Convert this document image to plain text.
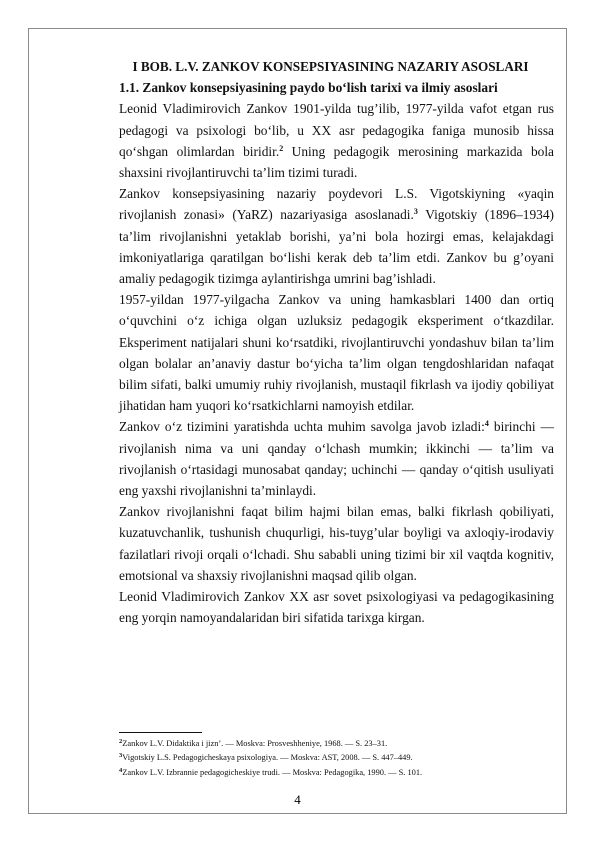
I BOB. L.V. ZANKOV KONSEPSIYASINING NAZARIY ASOSLARI

1.1. Zankov konsepsiyasining paydo bo‘lish tarixi va ilmiy asoslari

Leonid Vladimirovich Zankov 1901-yilda tug’ilib, 1977-yilda vafot etgan rus pedagogi va psixologi bo‘lib, u XX asr pedagogika faniga munosib hissa qo‘shgan olimlardan biridir.$^2$ Uning pedagogik merosining markazida bola shaxsini rivojlantiruvchi ta’lim tizimi turadi.

Zankov konsepsiyasining nazariy poydevori L.S. Vigotskiyning «yaqin rivojlanish zonasi» (YaRZ) nazariyasiga asoslanadi.$^3$ Vigotskiy (1896–1934) ta’lim rivojlanishni yetaklab borishi, ya’ni bola hozirgi emas, kelajakdagi imkoniyatlariga qaratilgan bo‘lishi kerak deb ta’lim etdi. Zankov bu g’oyani amaliy pedagogik tizimga aylantirishga umrini bag’ishladi.

1957-yildan 1977-yilgacha Zankov va uning hamkasblari 1400 dan ortiq o‘quvchini o‘z ichiga olgan uzluksiz pedagogik eksperiment o‘tkazdilar. Eksperiment natijalari shuni ko‘rsatdiki, rivojlantiruvchi yondashuv bilan ta’lim olgan bolalar an’anaviy dastur bo‘yicha ta’lim olgan tengdoshlaridan nafaqat bilim sifati, balki umumiy ruhiy rivojlanish, mustaqil fikrlash va ijodiy qobiliyat jihatidan ham yuqori ko‘rsatkichlarni namoyish etdilar.

Zankov o‘z tizimini yaratishda uchta muhim savolga javob izladi:$^4$ birinchi — rivojlanish nima va uni qanday o‘lchash mumkin; ikkinchi — ta’lim va rivojlanish o‘rtasidagi munosabat qanday; uchinchi — qanday o‘qitish usuliyati eng yaxshi rivojlanishni ta’minlaydi.

Zankov rivojlanishni faqat bilim hajmi bilan emas, balki fikrlash qobiliyati, kuzatuvchanlik, tushunish chuqurligi, his-tuyg’ular boyligi va axloqiy-irodaviy fazilatlari rivoji orqali o‘lchadi. Shu sababli uning tizimi bir xil vaqtda kognitiv, emotsional va shaxsiy rivojlanishni maqsad qilib olgan.

Leonid Vladimirovich Zankov XX asr sovet psixologiyasi va pedagogikasining eng yorqin namoyandalaridan biri sifatida tarixga kirgan.

$^2$Zankov L.V. Didaktika i jizn’. — Moskva: Prosveshheniye, 1968. — S. 23–31.
$^3$Vigotskiy L.S. Pedagogicheskaya psixologiya. — Moskva: AST, 2008. — S. 447–449.
$^4$Zankov L.V. Izbrannie pedagogicheskiye trudi. — Moskva: Pedagogika, 1990. — S. 101.
4
